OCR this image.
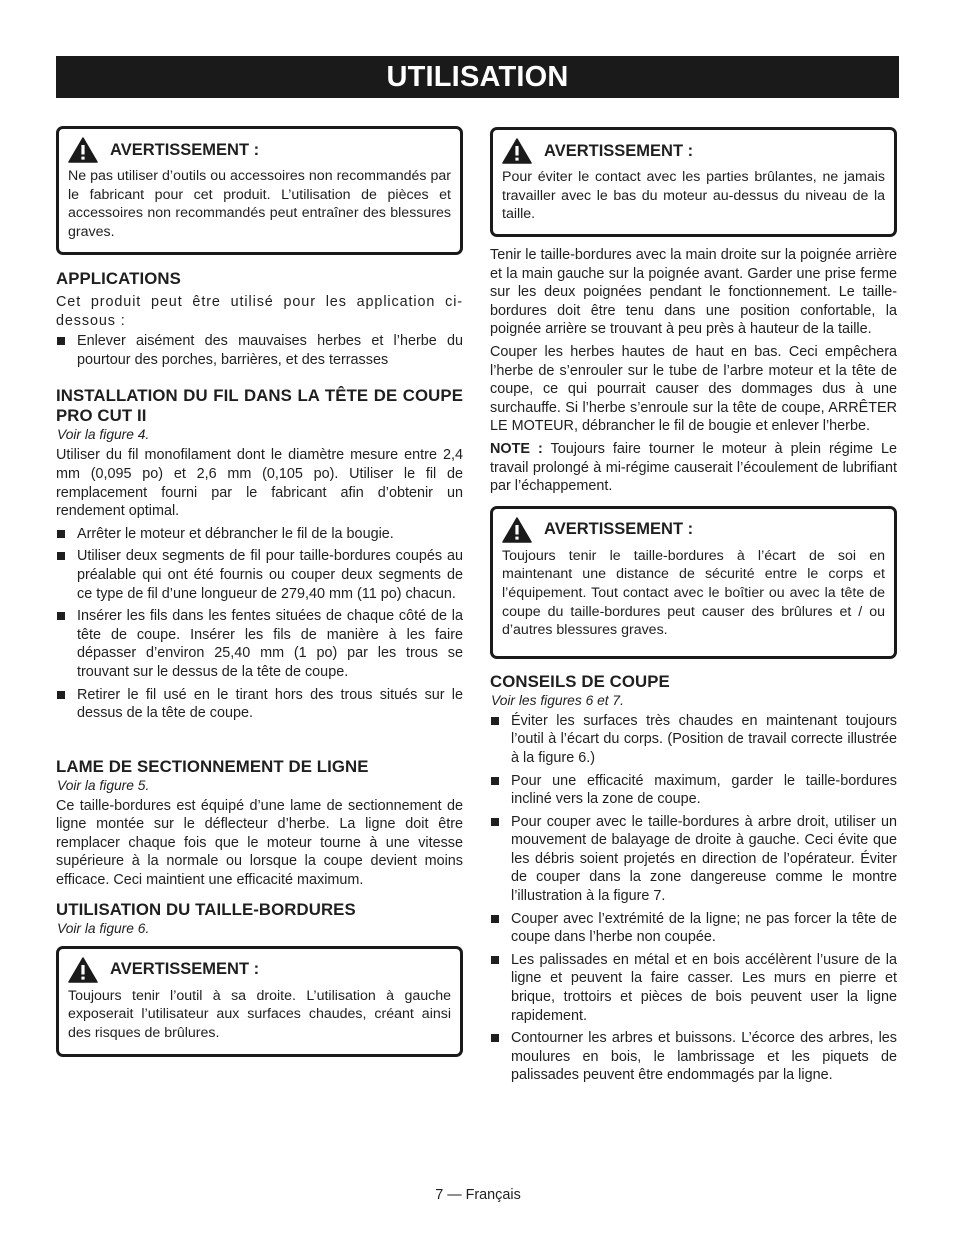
UTILISATION
AVERTISSEMENT :

Ne pas utiliser d’outils ou accessoires non recommandés par le fabricant pour cet produit. L’utilisation de pièces et accessoires non recommandés peut entraîner des blessures graves.

APPLICATIONS

Cet produit peut être utilisé pour les application ci-dessous :

Enlever aisément des mauvaises herbes et l’herbe du pourtour des porches, barrières, et des terrasses
INSTALLATION DU FIL DANS LA TÊTE DE COUPE PRO CUT II
Voir la figure 4.

Utiliser du fil monofilament dont le diamètre mesure entre 2,4 mm (0,095 po) et 2,6 mm (0,105 po). Utiliser le fil de remplacement fourni par le fabricant afin d’obtenir un rendement optimal.

Arrêter le moteur et débrancher le fil de la bougie.
Utiliser deux segments de fil pour taille-bordures coupés au préalable qui ont été fournis ou couper deux segments de ce type de fil d’une longueur de 279,40 mm (11 po) chacun.
Insérer les fils dans les fentes situées de chaque côté de la tête de coupe. Insérer les fils de manière à les faire dépasser d’environ 25,40 mm (1 po) par les trous se trouvant sur le dessus de la tête de coupe.
Retirer le fil usé en le tirant hors des trous situés sur le dessus de la tête de coupe.
LAME DE SECTIONNEMENT DE LIGNE
Voir la figure 5.

Ce taille-bordures est équipé d’une lame de sectionnement de ligne montée sur le déflecteur d’herbe. La ligne doit être remplacer chaque fois que le moteur tourne à une vitesse supérieure à la normale ou lorsque la coupe devient moins efficace. Ceci maintient une efficacité maximum.

UTILISATION DU TAILLE-BORDURES
Voir la figure 6.
AVERTISSEMENT :

Toujours tenir l’outil à sa droite. L’utilisation à gauche exposerait l’utilisateur aux surfaces chaudes, créant ainsi des risques de brûlures.

AVERTISSEMENT :

Pour éviter le contact avec les parties brûlantes, ne jamais travailler avec le bas du moteur au-dessus du niveau de la taille.

Tenir le taille-bordures avec la main droite sur la poignée arrière et la main gauche sur la poignée avant. Garder une prise ferme sur les deux poignées pendant le fonctionnement. Le taille-bordures doit être tenu dans une position confortable, la poignée arrière se trouvant à peu près à hauteur de la taille.

Couper les herbes hautes de haut en bas. Ceci empêchera l’herbe de s’enrouler sur le tube de l’arbre moteur et la tête de coupe, ce qui pourrait causer des dommages dus à une surchauffe. Si l’herbe s’enroule sur la tête de coupe, ARRÊTER LE MOTEUR, débrancher le fil de bougie et enlever l’herbe.

NOTE : Toujours faire tourner le moteur à plein régime Le travail prolongé à mi-régime causerait l’écoulement de lubrifiant par l’échappement.

AVERTISSEMENT :

Toujours tenir le taille-bordures à l’écart de soi en maintenant une distance de sécurité entre le corps et l’équipement. Tout contact avec le boîtier ou avec la tête de coupe du taille-bordures peut causer des brûlures et / ou d’autres blessures graves.

CONSEILS DE COUPE
Voir les figures 6 et 7.
Éviter les surfaces très chaudes en maintenant toujours l’outil à l’écart du corps. (Position de travail correcte illustrée à la figure 6.)
Pour une efficacité maximum, garder le taille-bordures incliné vers la zone de coupe.
Pour couper avec le taille-bordures à arbre droit, utiliser un mouvement de balayage de droite à gauche. Ceci évite que les débris soient projetés en direction de l’opérateur. Éviter de couper dans la zone dangereuse comme le montre l’illustration à la figure 7.
Couper avec l’extrémité de la ligne; ne pas forcer la tête de coupe dans l’herbe non coupée.
Les palissades en métal et en bois accélèrent l’usure de la ligne et peuvent la faire casser. Les murs en pierre et brique, trottoirs et pièces de bois peuvent user la ligne rapidement.
Contourner les arbres et buissons. L’écorce des arbres, les moulures en bois, le lambrissage et les piquets de palissades peuvent être endommagés par la ligne.
7 — Français
